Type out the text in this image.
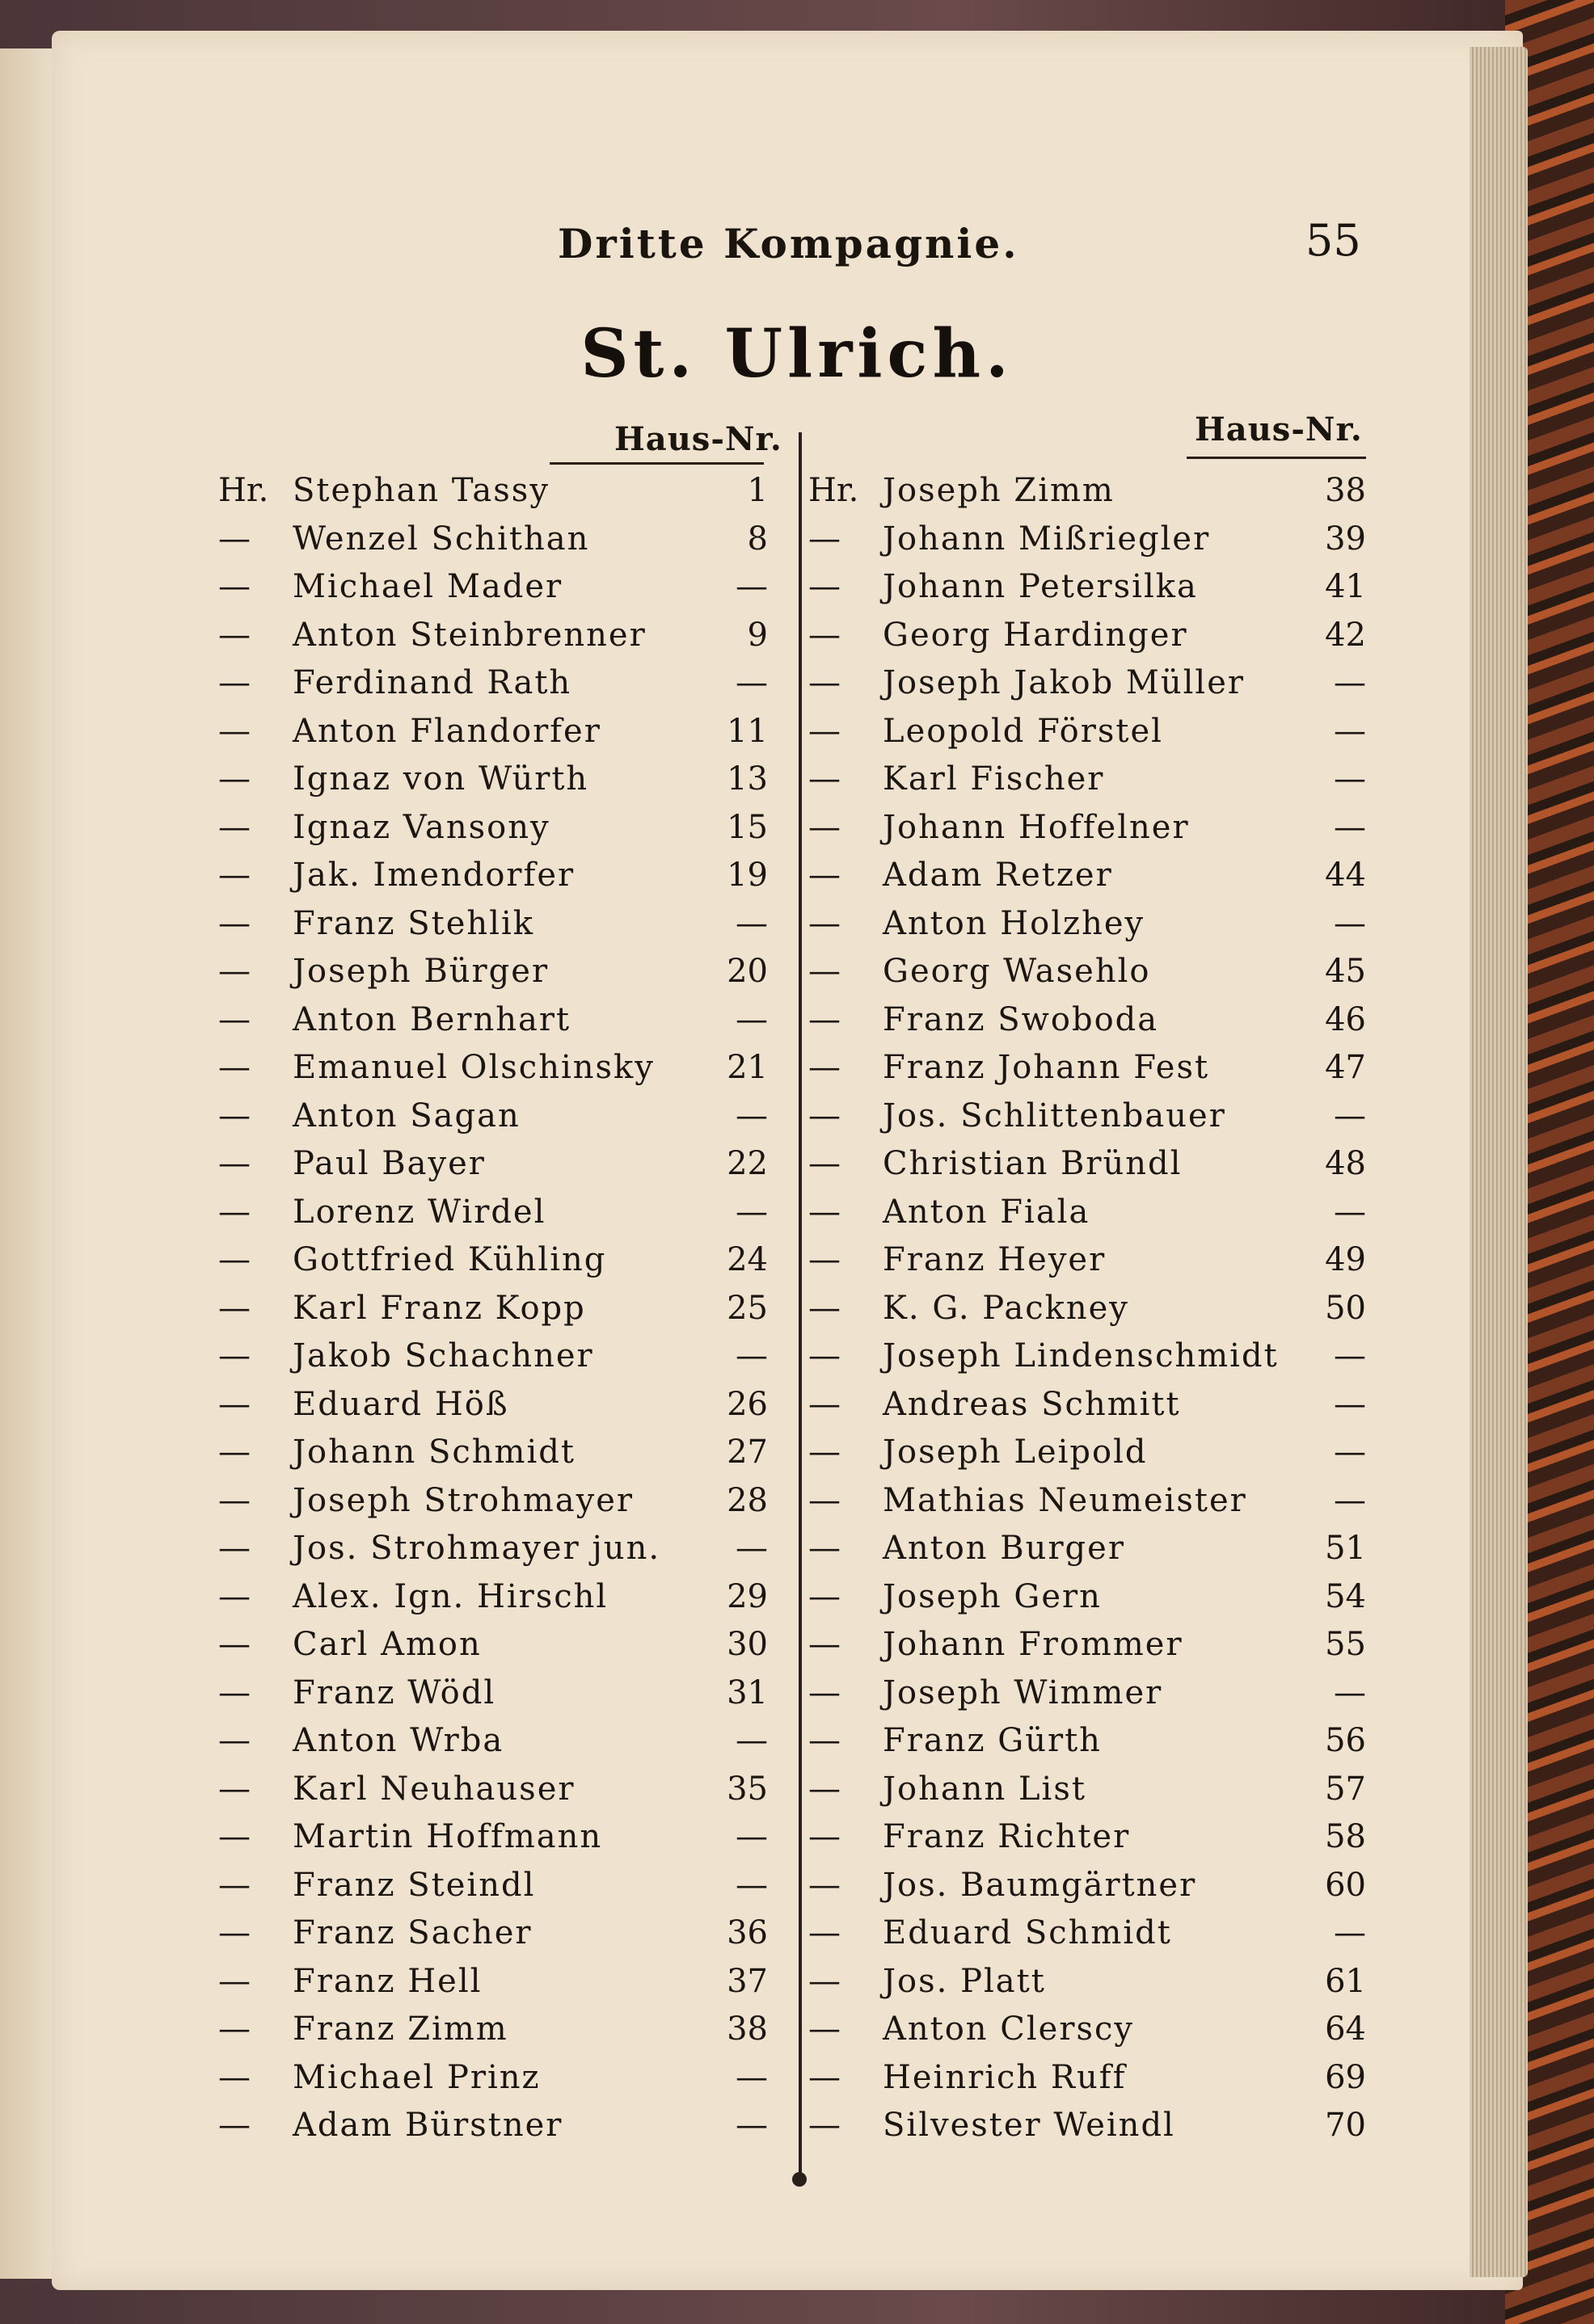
Dritte Kompagnie.	55
St. Ulrich.
Haus-Nr.	Haus-Nr.
Hr. Stephan Tassy	1
— Wenzel Schithan	8
— Michael Mader	—
— Anton Steinbrenner	9
— Ferdinand Rath	—
— Anton Flandorfer	11
— Ignaz von Würth	13
— Ignaz Vansony	15
— Jak. Imendorfer	19
— Franz Stehlik	—
— Joseph Bürger	20
— Anton Bernhart	—
— Emanuel Olschinsky 21
— Anton Sagan	—
— Paul Bayer	22
— Lorenz Wirdel	—
— Gottfried Kühling	24
— Karl Franz Kopp	25
— Jakob Schachner	—
— Eduard Höß	26
— Johann Schmidt	27
— Joseph Strohmayer	28
— Jos. Strohmayer jun. —
— Alex. Ign. Hirschl	29
— Carl Amon	30
— Franz Wödl	31
— Anton Wrba	—
— Karl Neuhauser	35
— Martin Hoffmann	—
— Franz Steindl	—
— Franz Sacher	36
— Franz Hell	37
— Franz Zimm	38
— Michael Prinz	—
— Adam Bürstner	—
Hr. Joseph Zimm	38
— Johann Mißriegler	39
— Johann Petersilka	41
— Georg Hardinger	42
— Joseph Jakob Müller	—
— Leopold Förstel	—
— Karl Fischer	—
— Johann Hoffelner	—
— Adam Retzer	44
— Anton Holzhey	—
— Georg Wasehlo	45
— Franz Swoboda	46
— Franz Johann Fest	47
— Jos. Schlittenbauer	—
— Christian Bründl	48
— Anton Fiala	—
— Franz Heyer	49
— K. G. Packney	50
— Joseph Lindenschmidt —
— Andreas Schmitt	—
— Joseph Leipold	—
— Mathias Neumeister	—
— Anton Burger	51
— Joseph Gern	54
— Johann Frommer	55
— Joseph Wimmer	—
— Franz Gürth	56
— Johann List	57
— Franz Richter	58
— Jos. Baumgärtner	60
— Eduard Schmidt	—
— Jos. Platt	61
— Anton Clerscy	64
— Heinrich Ruff	69
— Silvester Weindl	70
